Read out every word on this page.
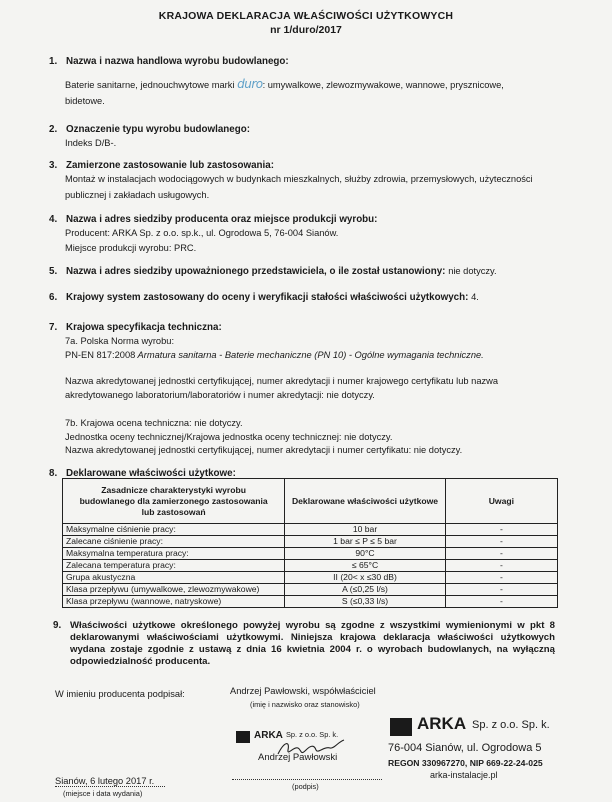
KRAJOWA DEKLARACJA WŁAŚCIWOŚCI UŻYTKOWYCH
nr 1/duro/2017
1. Nazwa i nazwa handlowa wyrobu budowlanego:
Baterie sanitarne, jednouchwytowe marki duro: umywalkowe, zlewozmywakowe, wannowe, prysznicowe,
bidetowe.
2. Oznaczenie typu wyrobu budowlanego:
Indeks D/B-.
3. Zamierzone zastosowanie lub zastosowania:
Montaż w instalacjach wodociągowych w budynkach mieszkalnych, służby zdrowia, przemysłowych, użyteczności
publicznej i zakładach usługowych.
4. Nazwa i adres siedziby producenta oraz miejsce produkcji wyrobu:
Producent: ARKA Sp. z o.o. sp.k., ul. Ogrodowa 5, 76-004 Sianów.
Miejsce produkcji wyrobu: PRC.
5. Nazwa i adres siedziby upoważnionego przedstawiciela, o ile został ustanowiony: nie dotyczy.
6. Krajowy system zastosowany do oceny i weryfikacji stałości właściwości użytkowych: 4.
7. Krajowa specyfikacja techniczna:
7a. Polska Norma wyrobu:
PN-EN 817:2008 Armatura sanitarna - Baterie mechaniczne (PN 10) - Ogólne wymagania techniczne.
Nazwa akredytowanej jednostki certyfikującej, numer akredytacji i numer krajowego certyfikatu lub nazwa
akredytowanego laboratorium/laboratoriów i numer akredytacji: nie dotyczy.
7b. Krajowa ocena techniczna: nie dotyczy.
Jednostka oceny technicznej/Krajowa jednostka oceny technicznej: nie dotyczy.
Nazwa akredytowanej jednostki certyfikującej, numer akredytacji i numer certyfikatu: nie dotyczy.
8. Deklarowane właściwości użytkowe:
Zasadnicze charakterystyki wyrobu budowlanego dla zamierzonego zastosowania lub zastosowań	Deklarowane właściwości użytkowe	Uwagi
Maksymalne ciśnienie pracy:	10 bar	-
Zalecane ciśnienie pracy:	1 bar ≤ P ≤ 5 bar	-
Maksymalna temperatura pracy:	90°C	-
Zalecana temperatura pracy:	≤ 65°C	-
Grupa akustyczna	II (20< x ≤30 dB)	-
Klasa przepływu (umywalkowe, zlewozmywakowe)	A (≤0,25 l/s)	-
Klasa przepływu (wannowe, natryskowe)	S (≤0,33 l/s)	-
9. Właściwości użytkowe określonego powyżej wyrobu są zgodne z wszystkimi wymienionymi w pkt 8 deklarowanymi właściwościami użytkowymi. Niniejsza krajowa deklaracja właściwości użytkowych wydana zostaje zgodnie z ustawą z dnia 16 kwietnia 2004 r. o wyrobach budowlanych, na wyłączną odpowiedzialność producenta.
W imieniu producenta podpisał:	Andrzej Pawłowski, współwłaściciel
(imię i nazwisko oraz stanowisko)
ARKA Sp. z o.o. Sp. k.
Andrzej Pawłowski
Sianów, 6 lutego 2017 r.
(miejsce i data wydania)
(podpis)
ARKA Sp. z o.o. Sp. k.
76-004 Sianów, ul. Ogrodowa 5
REGON 330967270, NIP 669-22-24-025
arka-instalacje.pl
